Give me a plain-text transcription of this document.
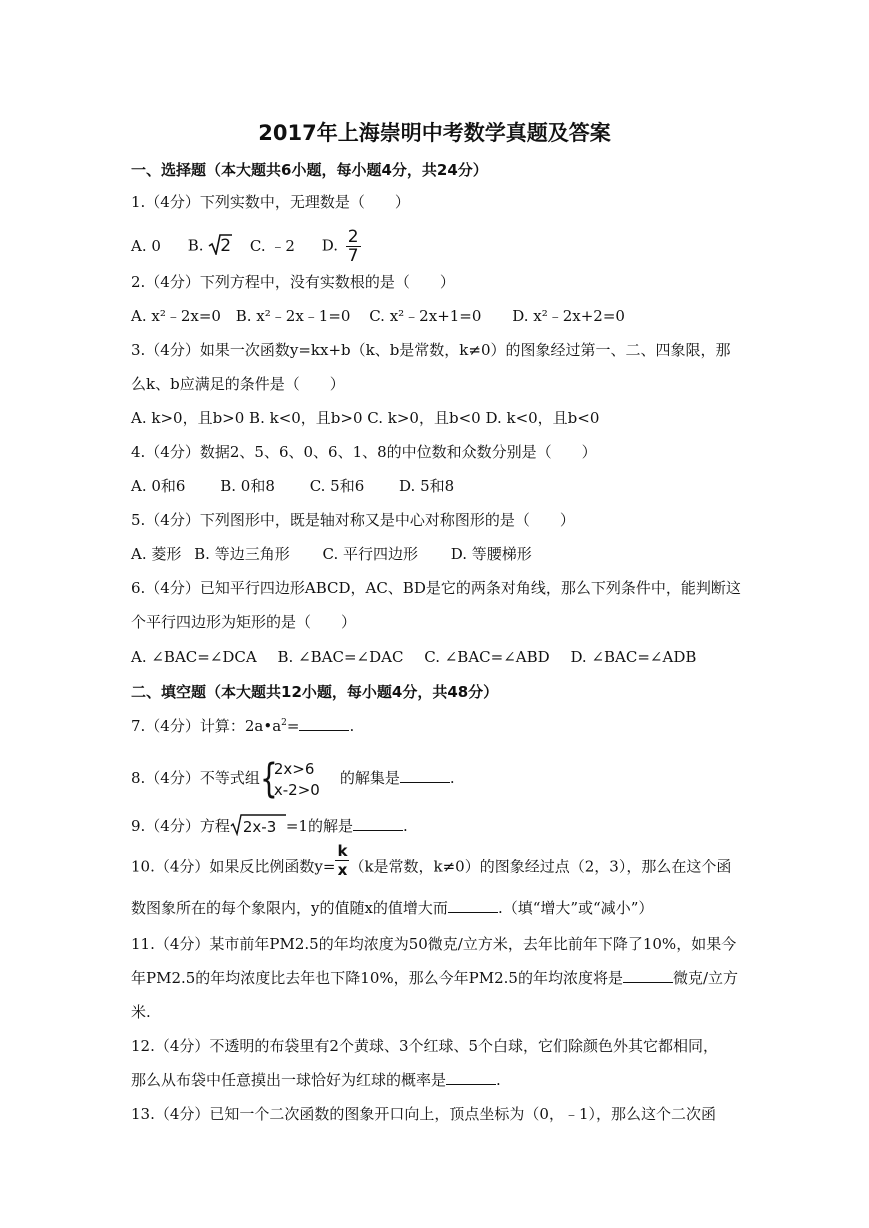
2017年上海崇明中考数学真题及答案
一、选择题（本大题共6小题，每小题4分，共24分）
1.（4分）下列实数中，无理数是（　　）
A. 0 B. 2 C. ﹣2 D. $\frac{2}{7}$
2.（4分）下列方程中，没有实数根的是（　　）
A. x²﹣2x=0 B. x²﹣2x﹣1=0 C. x²﹣2x+1=0 D. x²﹣2x+2=0
3.（4分）如果一次函数y=kx+b（k、b是常数，k≠0）的图象经过第一、二、四象限，那
么k、b应满足的条件是（　　）
A. k>0，且b>0 B. k<0，且b>0 C. k>0，且b<0 D. k<0，且b<0
4.（4分）数据2、5、6、0、6、1、8的中位数和众数分别是（　　）
A. 0和6 B. 0和8 C. 5和6 D. 5和8
5.（4分）下列图形中，既是轴对称又是中心对称图形的是（　　）
A. 菱形 B. 等边三角形 C. 平行四边形 D. 等腰梯形
6.（4分）已知平行四边形ABCD，AC、BD是它的两条对角线，那么下列条件中，能判断这
个平行四边形为矩形的是（　　）
A. ∠BAC=∠DCA B. ∠BAC=∠DAC C. ∠BAC=∠ABD D. ∠BAC=∠ADB
二、填空题（本大题共12小题，每小题4分，共48分）
7.（4分）计算：$2a•a^2=$	.
8.（4分）不等式组 {
2x>6
x-2>0
的解集是	.
9.（4分）方程 2x-3 =1的解是	.
10.（4分）如果反比例函数$y= \frac{k}{x} (k$是常数，k≠0）的图象经过点（2，3），那么在这个函
数图象所在的每个象限内，y的值随x的值增大而	.（填“增大”或“减小”）
11.（4分）某市前年PM2.5的年均浓度为50微克/立方米，去年比前年下降了10%，如果今
年PM2.5的年均浓度比去年也下降10%，那么今年PM2.5的年均浓度将是	微克/立方
米.
12.（4分）不透明的布袋里有2个黄球、3个红球、5个白球，它们除颜色外其它都相同，
那么从布袋中任意摸出一球恰好为红球的概率是	.
13.（4分）已知一个二次函数的图象开口向上，顶点坐标为（0，﹣1），那么这个二次函
